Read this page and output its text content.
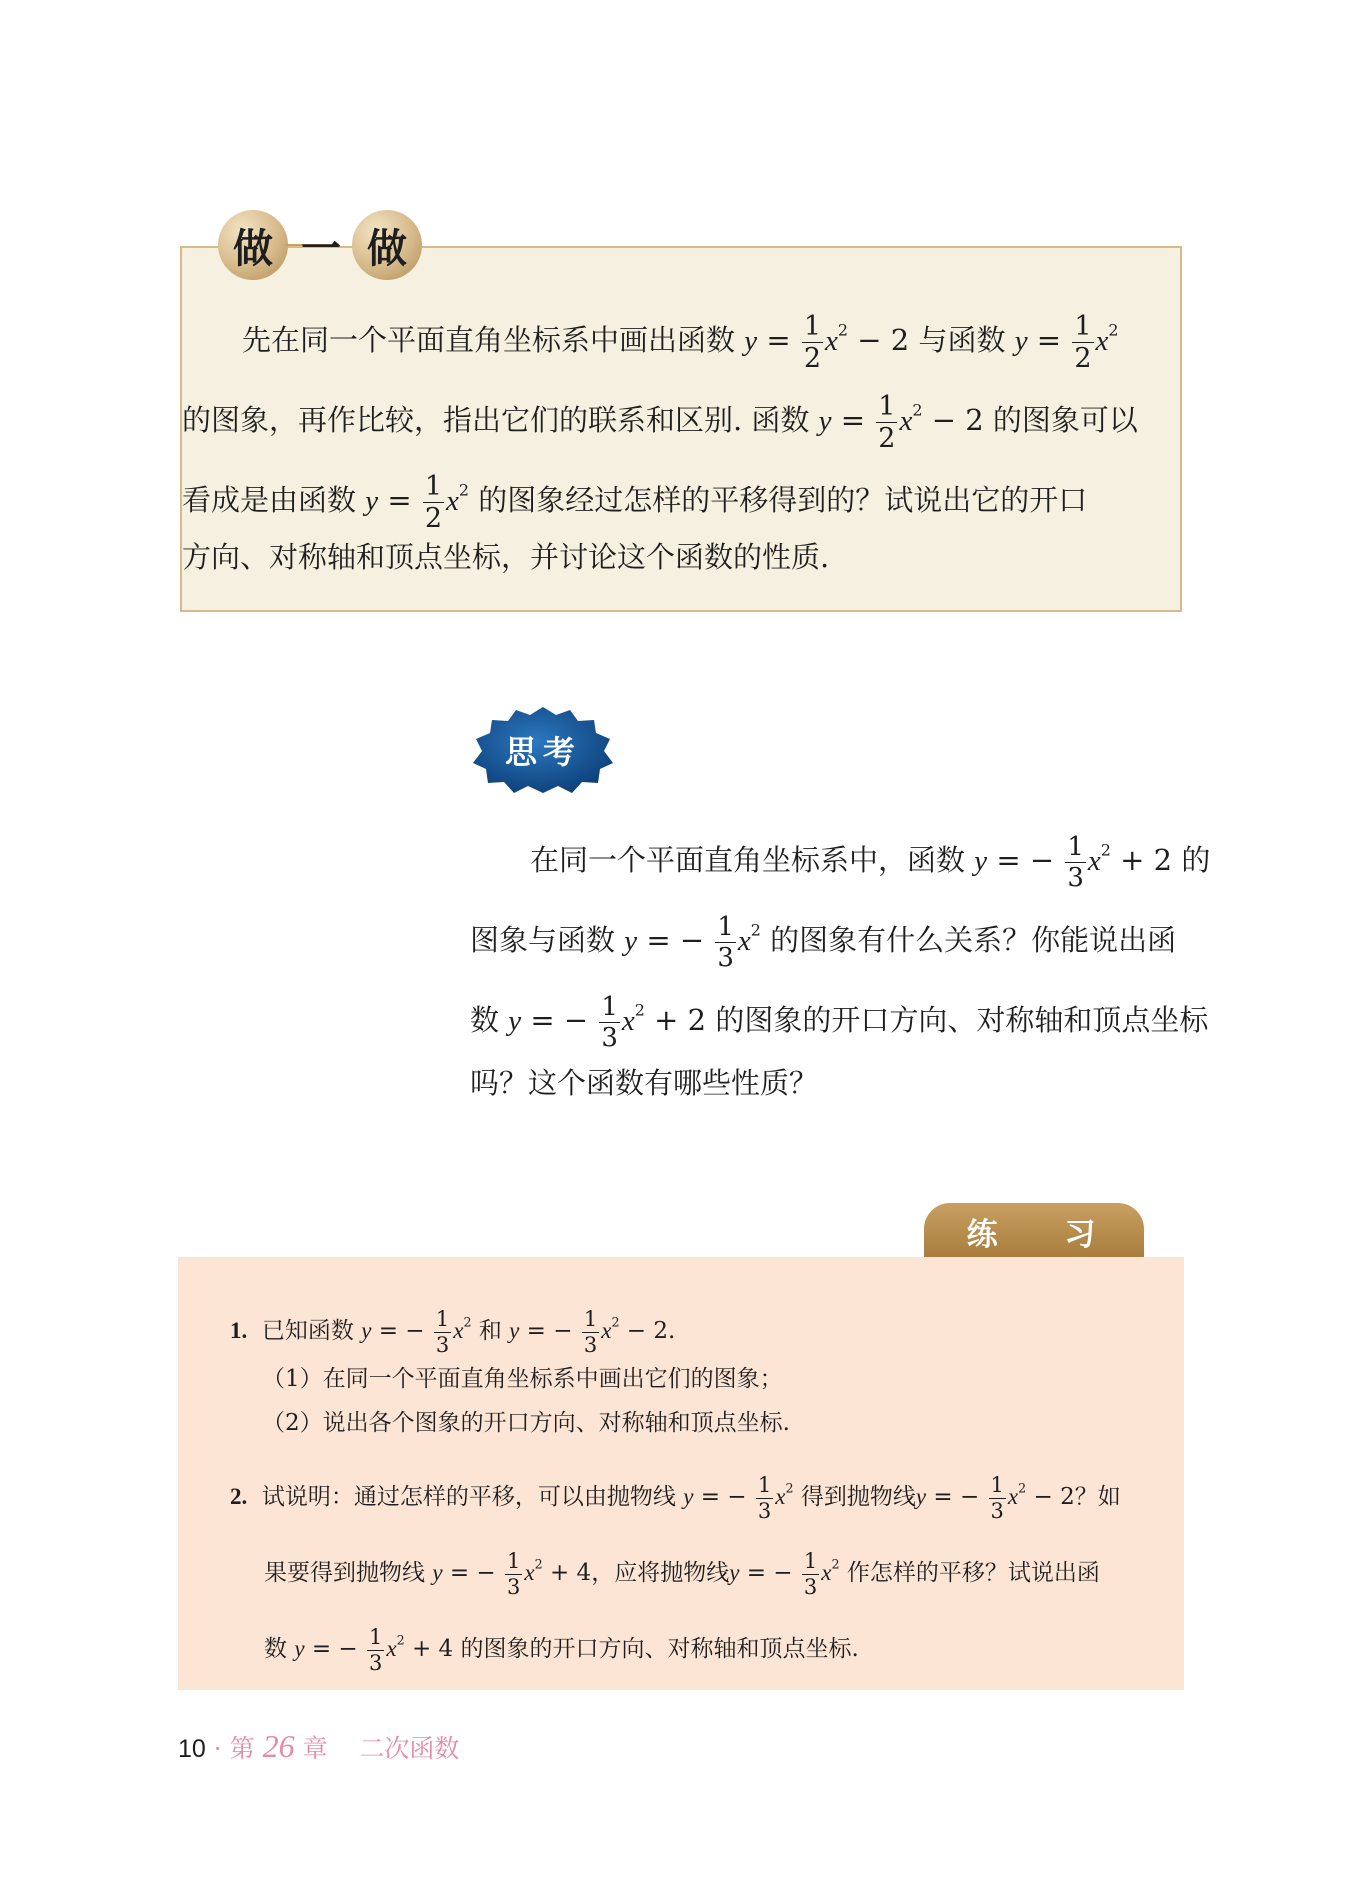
做 一 做
先在同一个平面直角坐标系中画出函数 $y = \frac{1}{2} x^2 - 2$ 与函数 $y = \frac{1}{2} x^2$
的图象，再作比较，指出它们的联系和区别. 函数 $y = \frac{1}{2} x^2 - 2$ 的图象可以
看成是由函数 $y = \frac{1}{2} x^2$ 的图象经过怎样的平移得到的？试说出它的开口
方向、对称轴和顶点坐标，并讨论这个函数的性质.
思考
在同一个平面直角坐标系中，函数 y = − $\frac{1}{3} x^2 + 2$ 的
图象与函数 y = − $\frac{1}{3} x^2$ 的图象有什么关系？你能说出函
数 y = − $\frac{1}{3} x^2 + 2$ 的图象的开口方向、对称轴和顶点坐标
吗？这个函数有哪些性质？
练 习
1. 已知函数 y = − $\frac{1}{3} x^2$ 和 y = − $\frac{1}{3} x^2 - 2$.
（1）在同一个平面直角坐标系中画出它们的图象；
（2）说出各个图象的开口方向、对称轴和顶点坐标.
2. 试说明：通过怎样的平移，可以由抛物线 y = − $\frac{1}{3} x^2$ 得到抛物线y = − $\frac{1}{3} x^2 - 2$？如
果要得到抛物线 y = − $\frac{1}{3} x^2 + 4$，应将抛物线y = − $\frac{1}{3} x^2$ 作怎样的平移？试说出函
数 y = − $\frac{1}{3} x^2 + 4$ 的图象的开口方向、对称轴和顶点坐标.
10 · 第 26 章 二次函数
